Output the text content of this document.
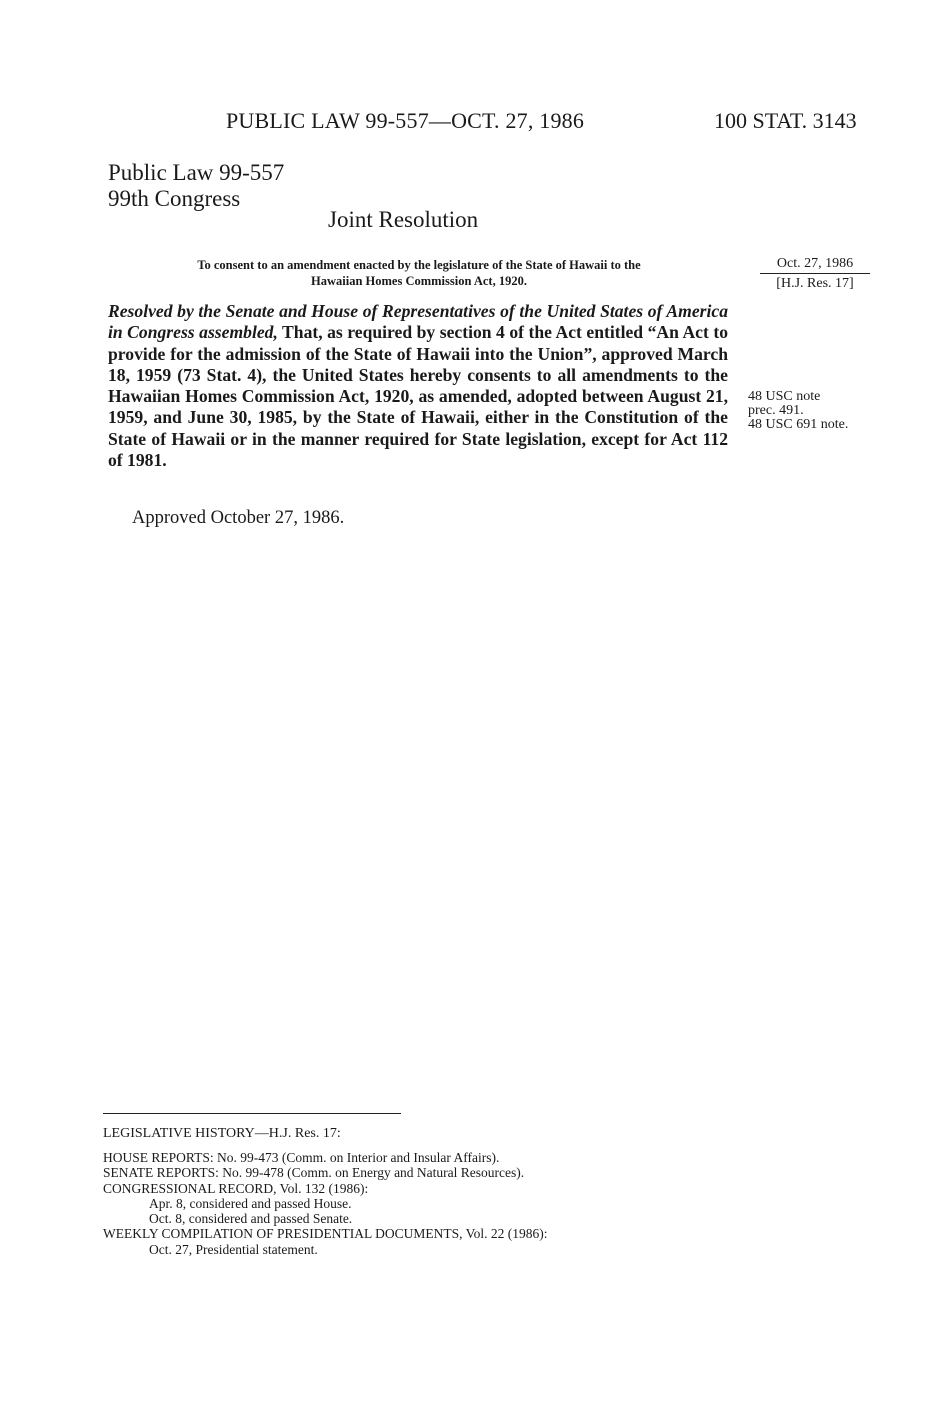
PUBLIC LAW 99-557—OCT. 27, 1986	100 STAT. 3143
Public Law 99-557
99th Congress
Joint Resolution
To consent to an amendment enacted by the legislature of the State of Hawaii to the
Hawaiian Homes Commission Act, 1920.
Oct. 27, 1986
[H.J. Res. 17]
Resolved by the Senate and House of Representatives of the United States of America in Congress assembled, That, as required by section 4 of the Act entitled “An Act to provide for the admission of the State of Hawaii into the Union”, approved March 18, 1959 (73 Stat. 4), the United States hereby consents to all amendments to the Hawaiian Homes Commission Act, 1920, as amended, adopted between August 21, 1959, and June 30, 1985, by the State of Hawaii, either in the Constitution of the State of Hawaii or in the manner required for State legislation, except for Act 112 of 1981.
48 USC note
prec. 491.
48 USC 691 note.
Approved October 27, 1986.
LEGISLATIVE HISTORY—H.J. Res. 17:
HOUSE REPORTS: No. 99-473 (Comm. on Interior and Insular Affairs).
SENATE REPORTS: No. 99-478 (Comm. on Energy and Natural Resources).
CONGRESSIONAL RECORD, Vol. 132 (1986):
Apr. 8, considered and passed House.
Oct. 8, considered and passed Senate.
WEEKLY COMPILATION OF PRESIDENTIAL DOCUMENTS, Vol. 22 (1986):
Oct. 27, Presidential statement.
